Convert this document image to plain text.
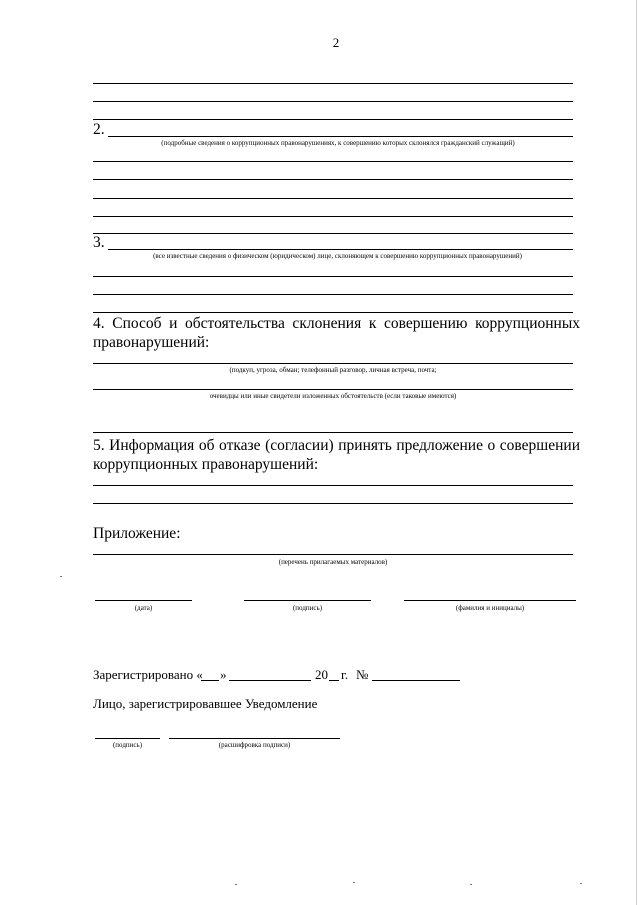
2
2.
(подробные сведения о коррупционных правонарушениях, к совершению которых склонялся гражданский служащий)
3.
(все известные сведения о физическом (юридическом) лице, склоняющем к совершению коррупционных правонарушений)
4. Способ и обстоятельства склонения к совершению коррупционных правонарушений:
(подкуп, угроза, обман; телефонный разговор, личная встреча, почта;
очевидцы или иные свидетели изложенных обстоятельств (если таковые имеются)
5. Информация об отказе (согласии) принять предложение о совершении коррупционных правонарушений:
Приложение:
(перечень прилагаемых материалов)
(дата)	(подпись)	(фамилия и инициалы)
Зарегистрировано « »	20 г. №
Лицо, зарегистрировавшее Уведомление
(подпись)	(расшифровка подписи)
